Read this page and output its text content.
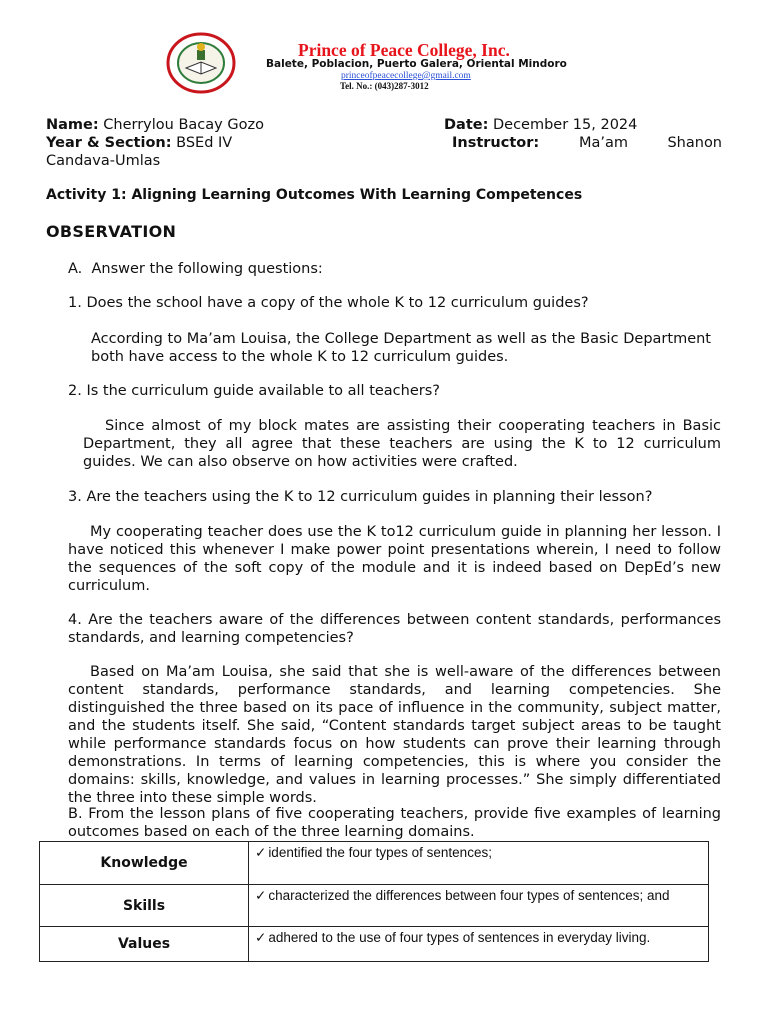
Prince of Peace College, Inc.
Balete, Poblacion, Puerto Galera, Oriental Mindoro
princeofpeacecollege@gmail.com
Tel. No.: (043)287-3012
Name: Cherrylou Bacay Gozo	Date: December 15, 2024
Year & Section: BSEd IV	Instructor:	Ma’am	Shanon
Candava-Umlas
Activity 1: Aligning Learning Outcomes With Learning Competences
OBSERVATION
A.  Answer the following questions:
1. Does the school have a copy of the whole K to 12 curriculum guides?
According to Ma’am Louisa, the College Department as well as the Basic Department both have access to the whole K to 12 curriculum guides.
2. Is the curriculum guide available to all teachers?
Since almost of my block mates are assisting their cooperating teachers in Basic Department, they all agree that these teachers are using the K to 12 curriculum guides. We can also observe on how activities were crafted.
3. Are the teachers using the K to 12 curriculum guides in planning their lesson?
My cooperating teacher does use the K to12 curriculum guide in planning her lesson. I have noticed this whenever I make power point presentations wherein, I need to follow the sequences of the soft copy of the module and it is indeed based on DepEd’s new curriculum.
4. Are the teachers aware of the differences between content standards, performances standards, and learning competencies?
Based on Ma’am Louisa, she said that she is well-aware of the differences between content standards, performance standards, and learning competencies. She distinguished the three based on its pace of influence in the community, subject matter, and the students itself. She said, “Content standards target subject areas to be taught while performance standards focus on how students can prove their learning through demonstrations. In terms of learning competencies, this is where you consider the domains: skills, knowledge, and values in learning processes.” She simply differentiated the three into these simple words.
B. From the lesson plans of five cooperating teachers, provide five examples of learning outcomes based on each of the three learning domains.
Knowledge	✓ identified the four types of sentences;
Skills	✓ characterized the differences between four types of sentences; and
Values	✓ adhered to the use of four types of sentences in everyday living.
